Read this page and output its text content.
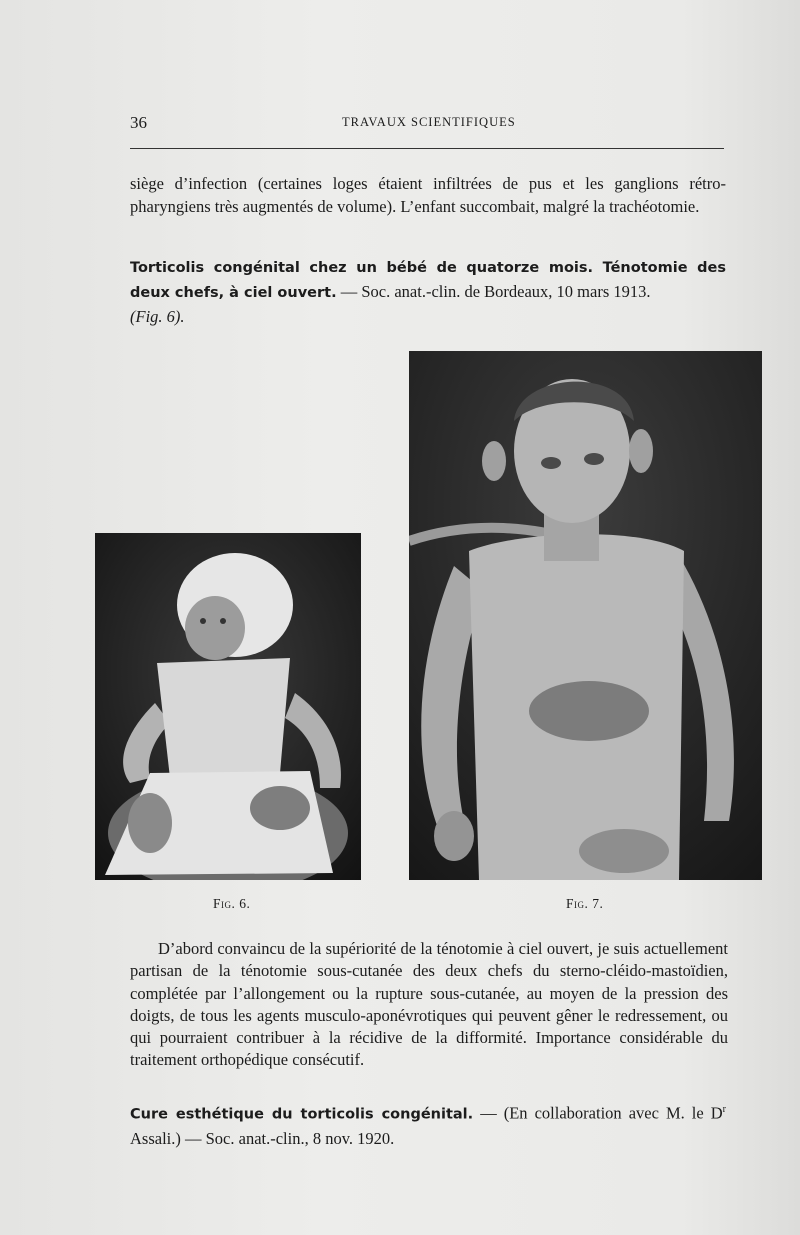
36	TRAVAUX SCIENTIFIQUES

siège d’infection (certaines loges étaient infiltrées de pus et les ganglions rétro-pharyngiens très augmentés de volume). L’enfant succombait, malgré la trachéotomie.

Torticolis congénital chez un bébé de quatorze mois. Ténotomie des deux chefs, à ciel ouvert. — Soc. anat.-clin. de Bordeaux, 10 mars 1913.
(Fig. 6).

Fig. 6.	Fig. 7.

D’abord convaincu de la supériorité de la ténotomie à ciel ouvert, je suis actuellement partisan de la ténotomie sous-cutanée des deux chefs du sterno-cléido-mastoïdien, complétée par l’allongement ou la rupture sous-cutanée, au moyen de la pression des doigts, de tous les agents musculo-aponévrotiques qui peuvent gêner le redressement, ou qui pourraient contribuer à la récidive de la difformité. Importance considérable du traitement orthopédique consécutif.

Cure esthétique du torticolis congénital. — (En collaboration avec M. le $D^r$ Assali.) — Soc. anat.-clin., 8 nov. 1920.
